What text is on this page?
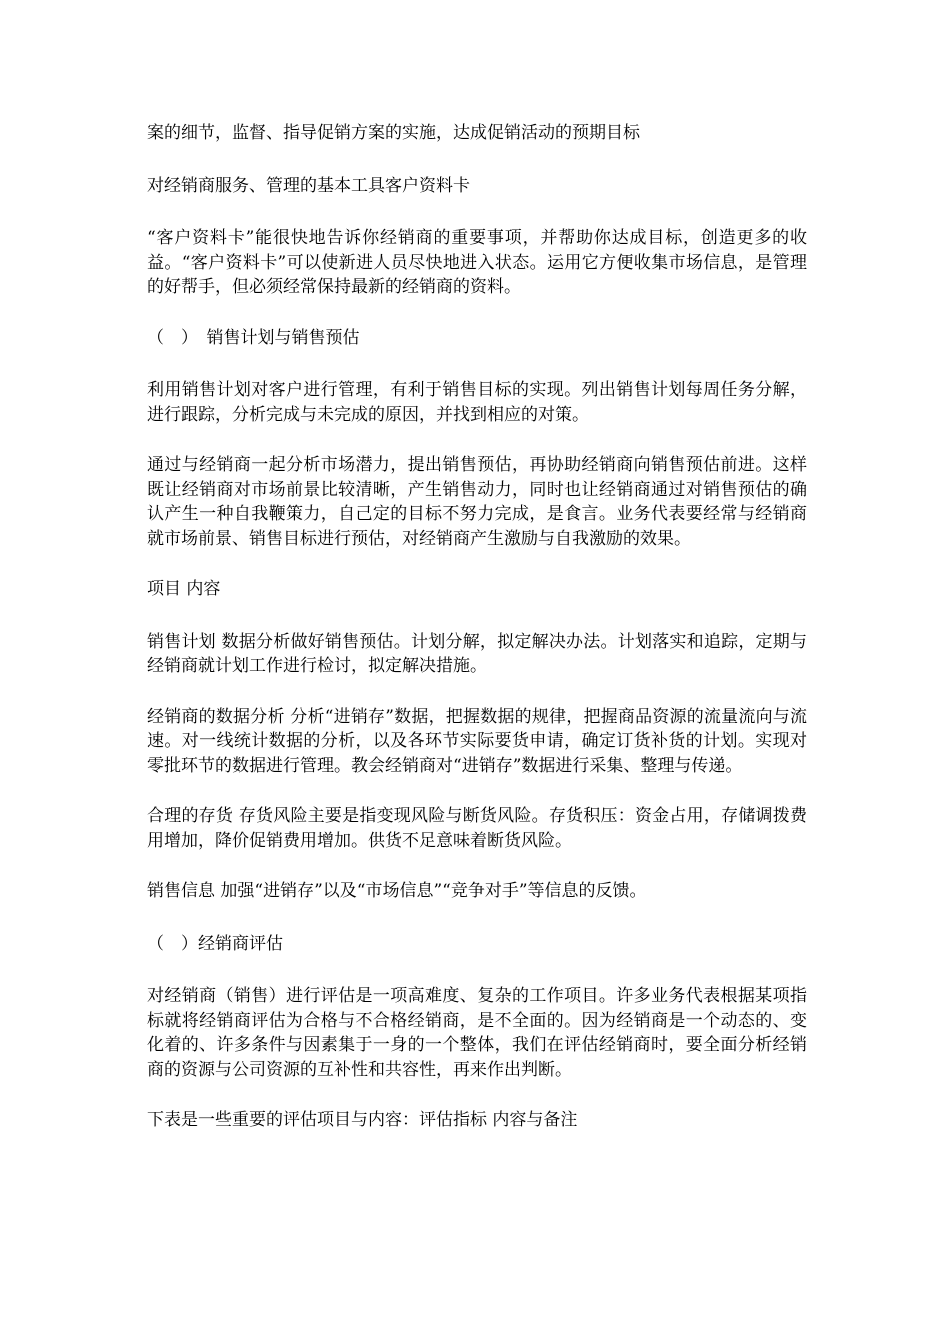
案的细节，监督、指导促销方案的实施，达成促销活动的预期目标

对经销商服务、管理的基本工具客户资料卡

“客户资料卡”能很快地告诉你经销商的重要事项，并帮助你达成目标，创造更多的收益。“客户资料卡”可以使新进人员尽快地进入状态。运用它方便收集市场信息，是管理的好帮手，但必须经常保持最新的经销商的资料。

（　）　销售计划与销售预估

利用销售计划对客户进行管理，有利于销售目标的实现。列出销售计划每周任务分解，进行跟踪，分析完成与未完成的原因，并找到相应的对策。

通过与经销商一起分析市场潜力，提出销售预估，再协助经销商向销售预估前进。这样既让经销商对市场前景比较清晰，产生销售动力，同时也让经销商通过对销售预估的确认产生一种自我鞭策力，自己定的目标不努力完成，是食言。业务代表要经常与经销商就市场前景、销售目标进行预估，对经销商产生激励与自我激励的效果。

项目 内容

销售计划 数据分析做好销售预估。计划分解，拟定解决办法。计划落实和追踪，定期与经销商就计划工作进行检讨，拟定解决措施。

经销商的数据分析 分析“进销存”数据，把握数据的规律，把握商品资源的流量流向与流速。对一线统计数据的分析，以及各环节实际要货申请，确定订货补货的计划。实现对零批环节的数据进行管理。教会经销商对“进销存”数据进行采集、整理与传递。

合理的存货 存货风险主要是指变现风险与断货风险。存货积压：资金占用，存储调拨费用增加，降价促销费用增加。供货不足意味着断货风险。

销售信息 加强“进销存”以及“市场信息”“竞争对手”等信息的反馈。

（　）经销商评估

对经销商（销售）进行评估是一项高难度、复杂的工作项目。许多业务代表根据某项指标就将经销商评估为合格与不合格经销商，是不全面的。因为经销商是一个动态的、变化着的、许多条件与因素集于一身的一个整体，我们在评估经销商时，要全面分析经销商的资源与公司资源的互补性和共容性，再来作出判断。

下表是一些重要的评估项目与内容：评估指标 内容与备注
